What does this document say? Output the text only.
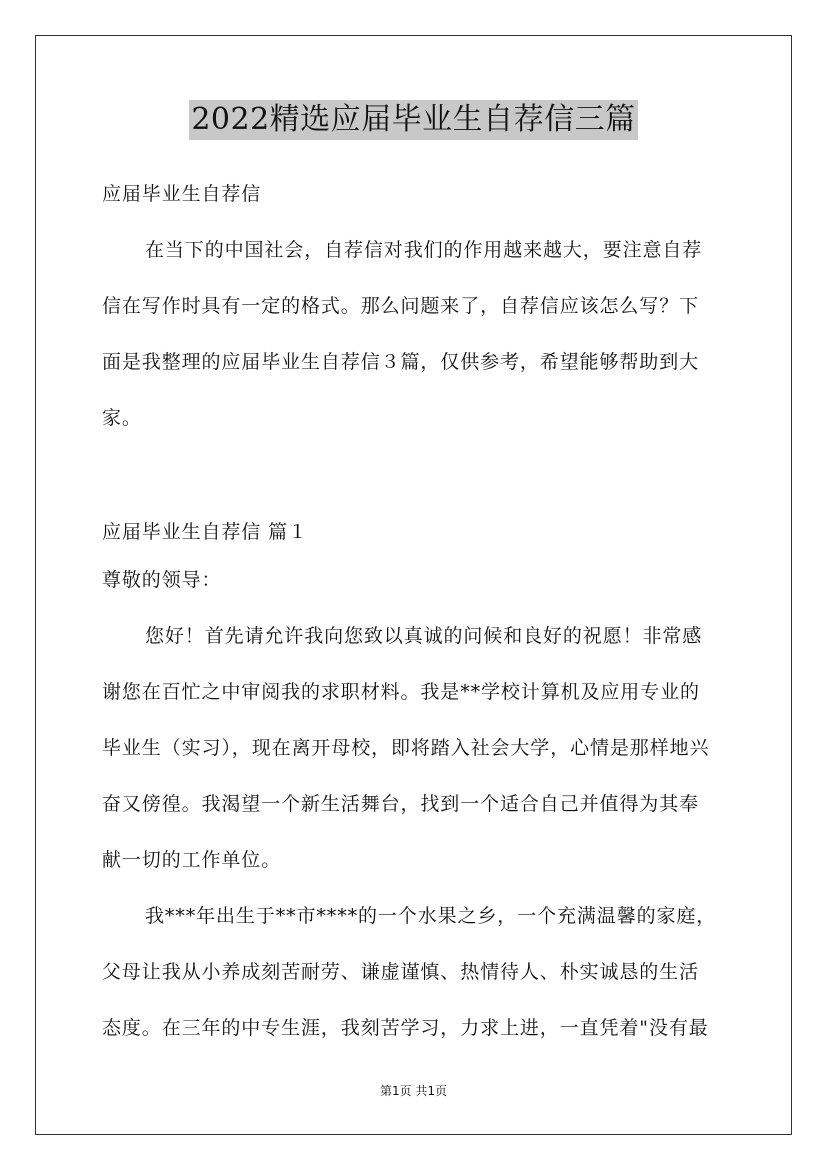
2022精选应届毕业生自荐信三篇
应届毕业生自荐信
在当下的中国社会，自荐信对我们的作用越来越大，要注意自荐
信在写作时具有一定的格式。那么问题来了，自荐信应该怎么写？下
面是我整理的应届毕业生自荐信３篇，仅供参考，希望能够帮助到大
家。
应届毕业生自荐信 篇１
尊敬的领导：
您好！首先请允许我向您致以真诚的问候和良好的祝愿！非常感
谢您在百忙之中审阅我的求职材料。我是**学校计算机及应用专业的
毕业生（实习），现在离开母校，即将踏入社会大学，心情是那样地兴
奋又傍徨。我渴望一个新生活舞台，找到一个适合自己并值得为其奉
献一切的工作单位。
我***年出生于**市****的一个水果之乡，一个充满温馨的家庭，
父母让我从小养成刻苦耐劳、谦虚谨慎、热情待人、朴实诚恳的生活
态度。在三年的中专生涯，我刻苦学习，力求上进，一直凭着"没有最
第1页 共1页
